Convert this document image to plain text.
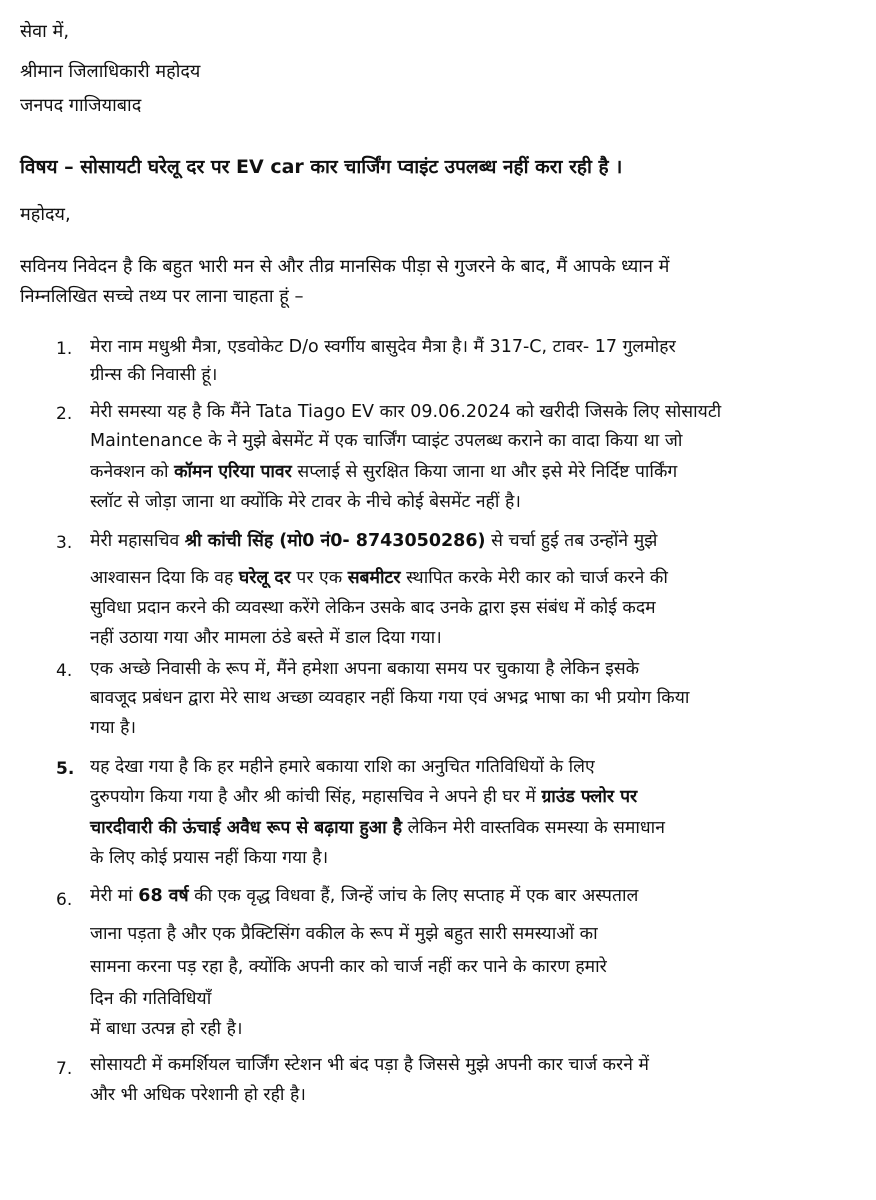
सेवा में,
श्रीमान जिलाधिकारी महोदय
जनपद गाजियाबाद
विषय – सोसायटी घरेलू दर पर EV car कार चार्जिंग प्वाइंट उपलब्ध नहीं करा रही है ।
महोदय,
सविनय निवेदन है कि बहुत भारी मन से और तीव्र मानसिक पीड़ा से गुजरने के बाद, मैं आपके ध्यान में
निम्नलिखित सच्चे तथ्य पर लाना चाहता हूं –
1. मेरा नाम मधुश्री मैत्रा, एडवोकेट D/o स्वर्गीय बासुदेव मैत्रा है। मैं 317-C, टावर- 17 गुलमोहर
ग्रीन्स की निवासी हूं।
2. मेरी समस्या यह है कि मैंने Tata Tiago EV कार 09.06.2024 को खरीदी जिसके लिए सोसायटी
Maintenance के ने मुझे बेसमेंट में एक चार्जिंग प्वाइंट उपलब्ध कराने का वादा किया था जो
कनेक्शन को कॉमन एरिया पावर सप्लाई से सुरक्षित किया जाना था और इसे मेरे निर्दिष्ट पार्किंग
स्लॉट से जोड़ा जाना था क्योंकि मेरे टावर के नीचे कोई बेसमेंट नहीं है।
3. मेरी महासचिव श्री कांची सिंह (मो0 नं0- 8743050286) से चर्चा हुई तब उन्होंने मुझे
आश्वासन दिया कि वह घरेलू दर पर एक सबमीटर स्थापित करके मेरी कार को चार्ज करने की
सुविधा प्रदान करने की व्यवस्था करेंगे लेकिन उसके बाद उनके द्वारा इस संबंध में कोई कदम
नहीं उठाया गया और मामला ठंडे बस्ते में डाल दिया गया।
4. एक अच्छे निवासी के रूप में, मैंने हमेशा अपना बकाया समय पर चुकाया है लेकिन इसके
बावजूद प्रबंधन द्वारा मेरे साथ अच्छा व्यवहार नहीं किया गया एवं अभद्र भाषा का भी प्रयोग किया
गया है।
5. यह देखा गया है कि हर महीने हमारे बकाया राशि का अनुचित गतिविधियों के लिए
दुरुपयोग किया गया है और श्री कांची सिंह, महासचिव ने अपने ही घर में ग्राउंड फ्लोर पर
चारदीवारी की ऊंचाई अवैध रूप से बढ़ाया हुआ है लेकिन मेरी वास्तविक समस्या के समाधान
के लिए कोई प्रयास नहीं किया गया है।
6. मेरी मां 68 वर्ष की एक वृद्ध विधवा हैं, जिन्हें जांच के लिए सप्ताह में एक बार अस्पताल
जाना पड़ता है और एक प्रैक्टिसिंग वकील के रूप में मुझे बहुत सारी समस्याओं का
सामना करना पड़ रहा है, क्योंकि अपनी कार को चार्ज नहीं कर पाने के कारण हमारे
दिन की गतिविधियाँ
में बाधा उत्पन्न हो रही है।
7. सोसायटी में कमर्शियल चार्जिंग स्टेशन भी बंद पड़ा है जिससे मुझे अपनी कार चार्ज करने में
और भी अधिक परेशानी हो रही है।
